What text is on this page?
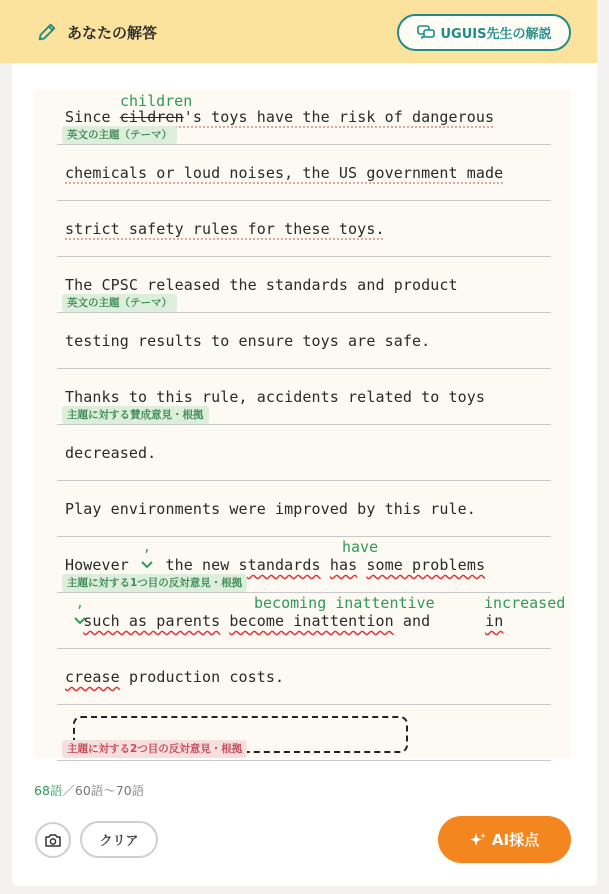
あなたの解答	UGUIS先生の解説
children
Since cildren's toys have the risk of dangerous
英文の主題（テーマ）
chemicals or loud noises, the US government made
strict safety rules for these toys.
The CPSC released the standards and product
英文の主題（テーマ）
testing results to ensure toys are safe.
Thanks to this rule, accidents related to toys
主題に対する賛成意見・根拠
decreased.
Play environments were improved by this rule.
,	have
However the new standards has some problems
主題に対する1つ目の反対意見・根拠
,	becoming inattentive	increased
such as parents become inattention and	in
crease production costs.
主題に対する2つ目の反対意見・根拠
68語／60語〜70語
クリア	AI採点
